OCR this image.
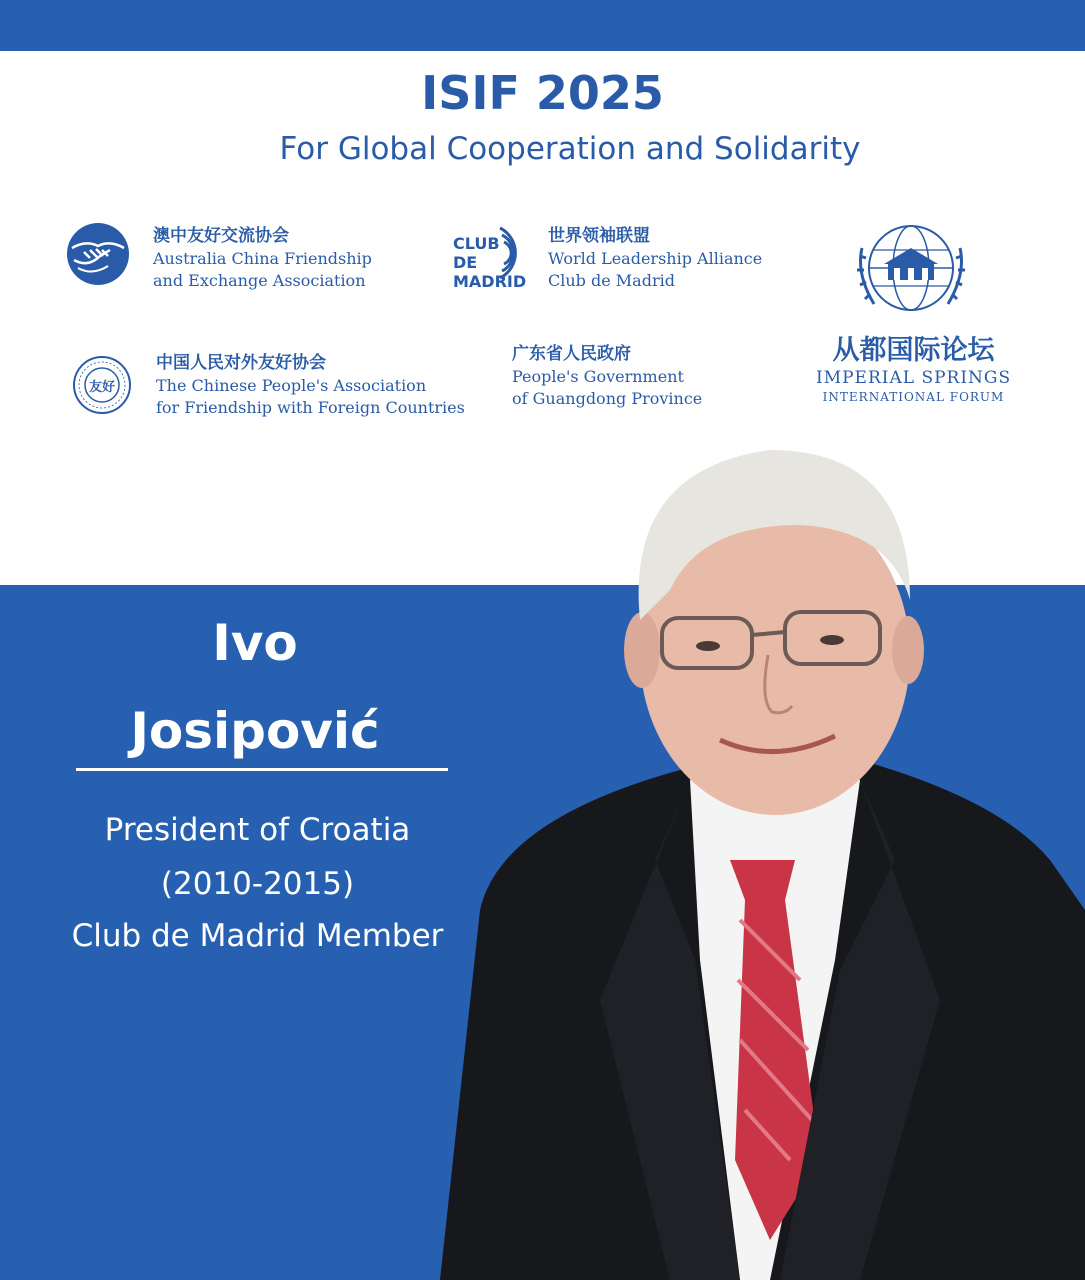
ISIF 2025
For Global Cooperation and Solidarity
澳中友好交流协会
Australia China Friendship
and Exchange Association
CLUB
DE
MADRID
世界领袖联盟
World Leadership Alliance
Club de Madrid
从都国际论坛
IMPERIAL SPRINGS
INTERNATIONAL FORUM
友好
中国人民对外友好协会
The Chinese People's Association
for Friendship with Foreign Countries
广东省人民政府
People's Government
of Guangdong Province
Ivo
Josipović
President of Croatia
(2010-2015)
Club de Madrid Member
